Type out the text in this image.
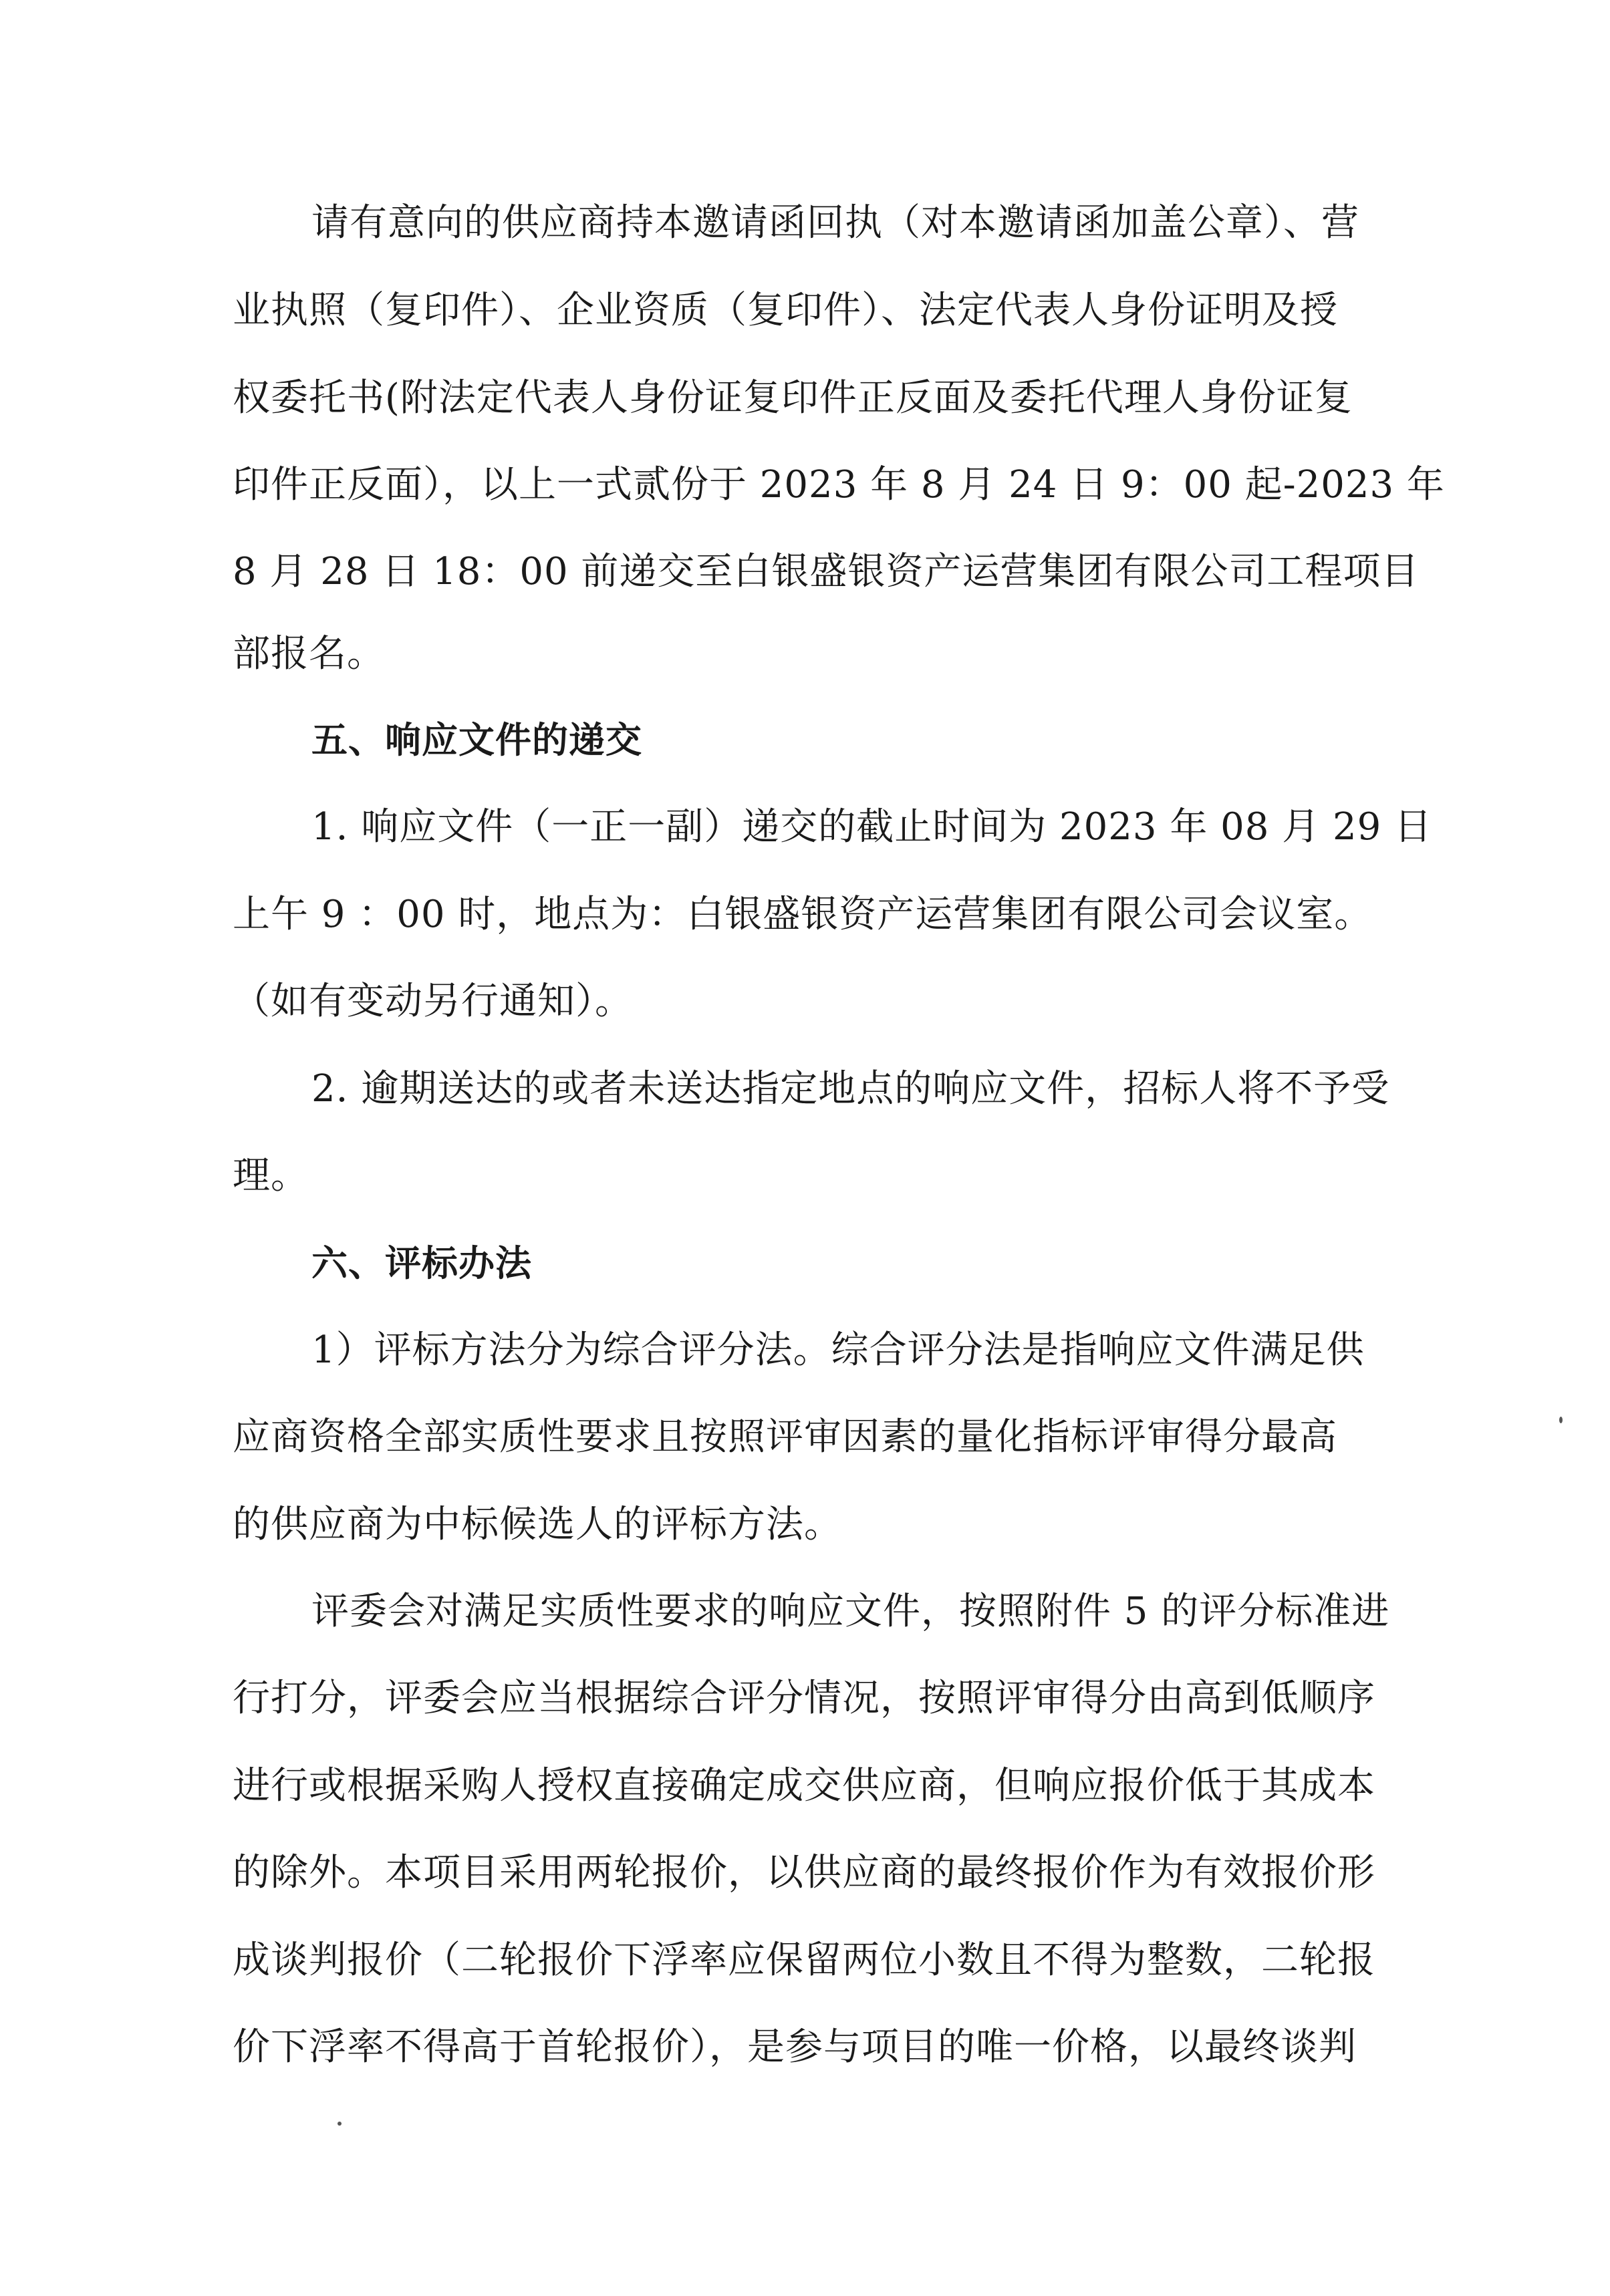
请有意向的供应商持本邀请函回执（对本邀请函加盖公章）、营
业执照（复印件）、企业资质（复印件）、法定代表人身份证明及授
权委托书(附法定代表人身份证复印件正反面及委托代理人身份证复
印件正反面），以上一式贰份于 2023 年 8 月 24 日 9：00 起-2023 年
8 月 28 日 18：00 前递交至白银盛银资产运营集团有限公司工程项目
部报名。
五、响应文件的递交
1. 响应文件（一正一副）递交的截止时间为 2023 年 08 月 29 日
上午 9 ：00 时，地点为：白银盛银资产运营集团有限公司会议室。
（如有变动另行通知）。
2. 逾期送达的或者未送达指定地点的响应文件，招标人将不予受
理。
六、评标办法
1）评标方法分为综合评分法。综合评分法是指响应文件满足供
应商资格全部实质性要求且按照评审因素的量化指标评审得分最高
的供应商为中标候选人的评标方法。
评委会对满足实质性要求的响应文件，按照附件 5 的评分标准进
行打分，评委会应当根据综合评分情况，按照评审得分由高到低顺序
进行或根据采购人授权直接确定成交供应商，但响应报价低于其成本
的除外。本项目采用两轮报价，以供应商的最终报价作为有效报价形
成谈判报价（二轮报价下浮率应保留两位小数且不得为整数，二轮报
价下浮率不得高于首轮报价），是参与项目的唯一价格，以最终谈判
